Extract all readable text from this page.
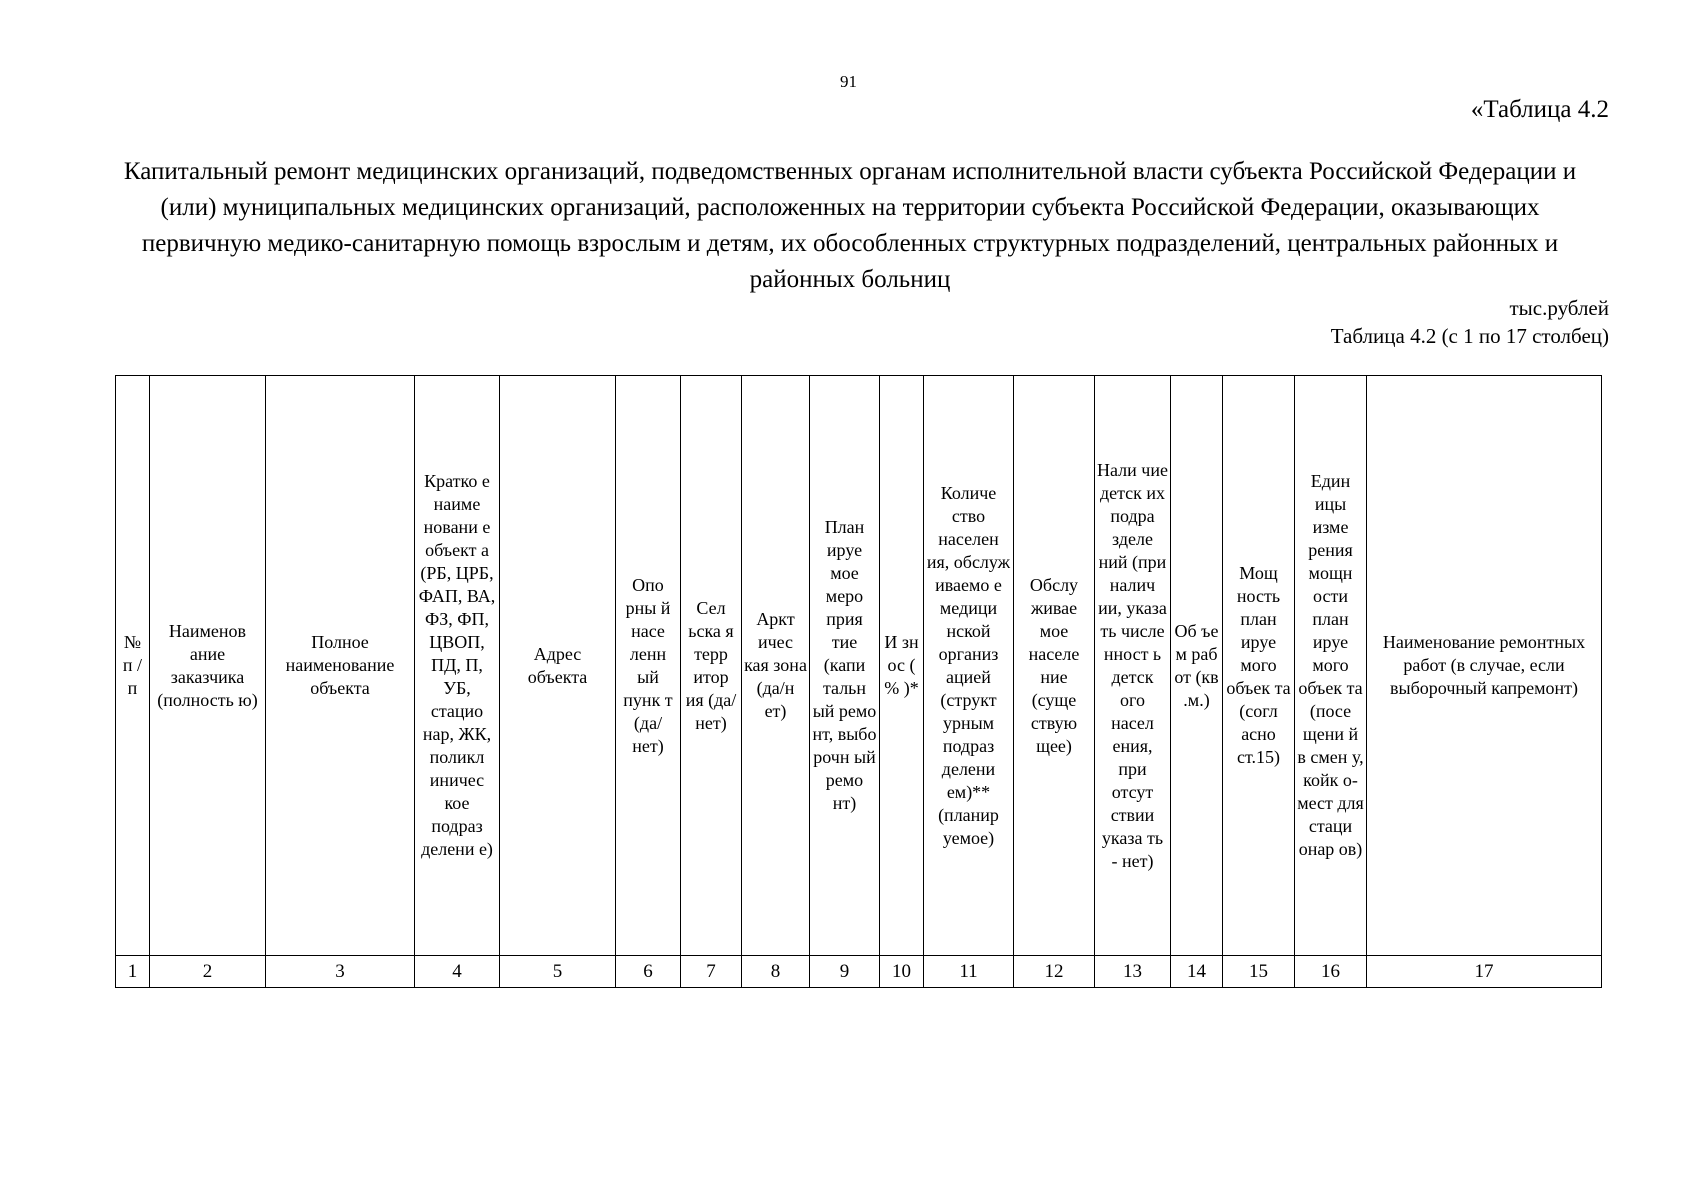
91
«Таблица 4.2
Капитальный ремонт медицинских организаций, подведомственных органам исполнительной власти субъекта Российской Федерации и (или) муниципальных медицинских организаций, расположенных на территории субъекта Российской Федерации, оказывающих первичную медико-санитарную помощь взрослым и детям, их обособленных структурных подразделений, центральных районных и районных больниц
тыс.рублей
Таблица 4.2 (с 1 по 17 столбец)
№ п / п	Наименов ание заказчика (полность ю)	Полное наименование объекта	Кратко е наиме новани е объект а (РБ, ЦРБ, ФАП, ВА, ФЗ, ФП, ЦВОП, ПД, П, УБ, стацио нар, ЖК, поликл иничес кое подраз делени е)	Адрес объекта	Опо рны й насе ленн ый пунк т (да/ нет)	Сел ьска я терр итор ия (да/ нет)	Аркт ичес кая зона (да/н ет)	План ируе мое меро прия тие (капи тальн ый ремо нт, выбо рочн ый ремо нт)	И зн ос ( % )*	Количе ство населен ия, обслуж иваемо е медици нской организ ацией (структ урным подраз делени ем)** (планир уемое)	Обслу живае мое населе ние (суще ствую щее)	Нали чие детск их подра зделе ний (при налич ии, указа ть числе нност ь детск ого насел ения, при отсут ствии указа ть - нет)	Об ъе м раб от (кв .м.)	Мощ ность план ируе мого объек та (согл асно ст.15)	Един ицы изме рения мощн ости план ируе мого объек та (посе щени й в смен у, койк о- мест для стаци онар ов)	Наименование ремонтных работ (в случае, если выборочный капремонт)
1	2	3	4	5	6	7	8	9	10	11	12	13	14	15	16	17
